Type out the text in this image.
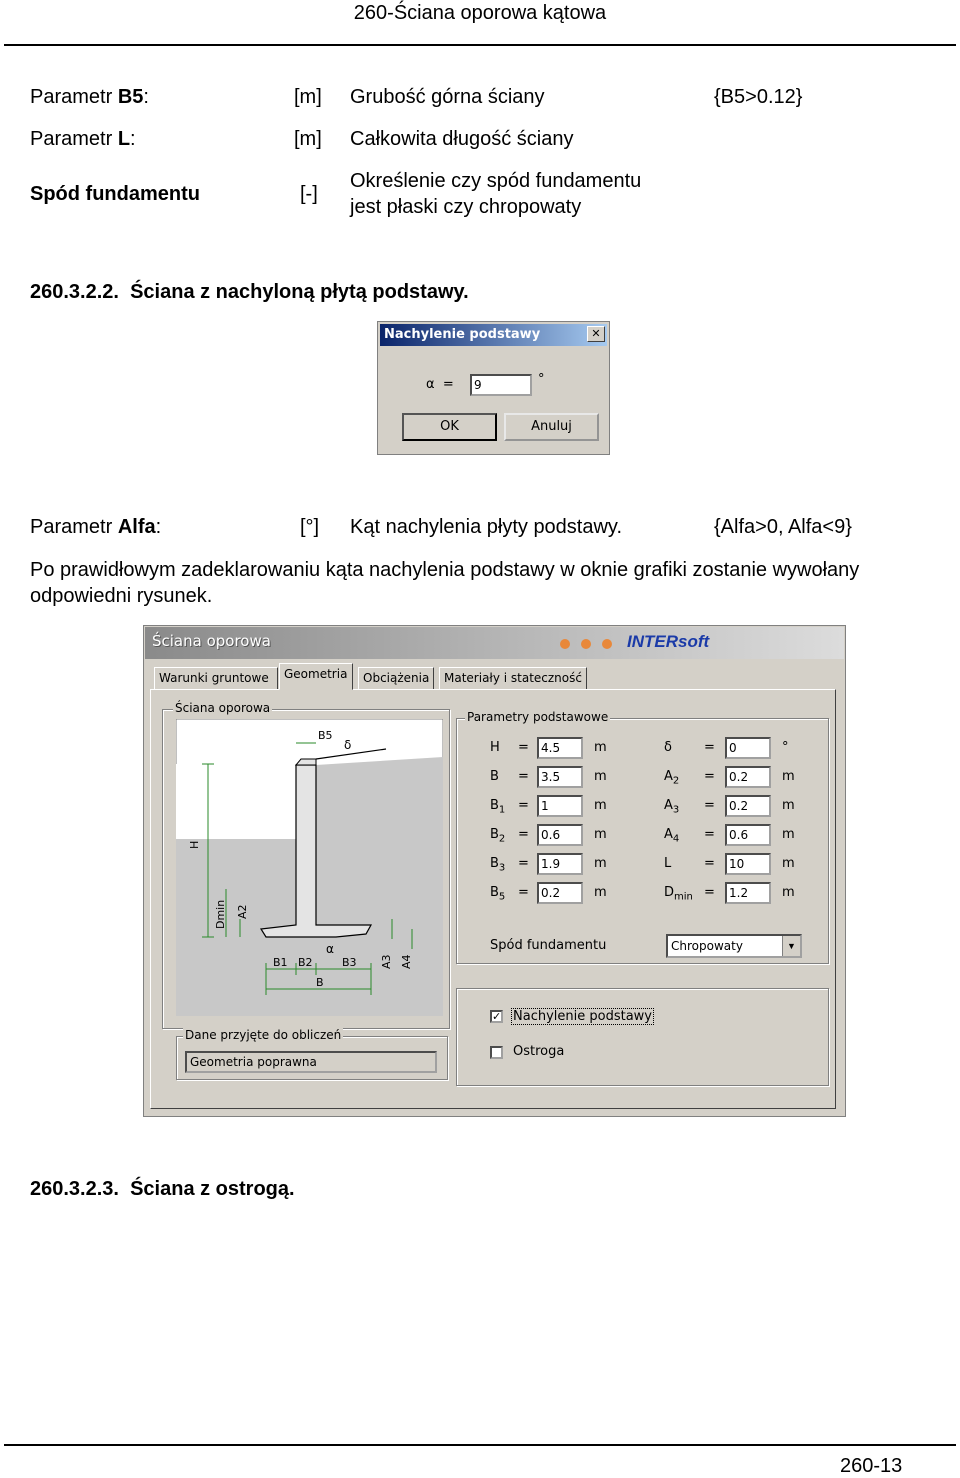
260-Ściana oporowa kątowa
Parametr B5:	[m] Grubość górna ściany	{B5>0.12}
Parametr L:	[m] Całkowita długość ściany
Spód fundamentu	[-]
Określenie czy spód fundamentu
jest płaski czy chropowaty
260.3.2.2.  Ściana z nachyloną płytą podstawy.
Nachylenie podstawy	✕
α  =	9	°
OK	Anuluj
Parametr Alfa:	[°] Kąt nachylenia płyty podstawy.	{Alfa>0, Alfa<9}
Po prawidłowym zadeklarowaniu kąta nachylenia podstawy w oknie grafiki zostanie wywołany
odpowiedni rysunek.
Ściana oporowa	INTERsoft
Warunki gruntowe	Geometria	Obciążenia	Materiały i stateczność
Ściana oporowa
B5
δ
H
Dmin A2
A3 A4
α
B1 B2	B3
B
Dane przyjęte do obliczeń
Geometria poprawna
Parametry podstawowe
Spód fundamentu	Chropowaty	▼
✓ Nachylenie podstawy
Ostroga
H =	4.5	m
B =	3.5	m
$B_1$ =	1	m
$B_2$ =	0.6	m
$B_3$ =	1.9	m
$B_5$ =	0.2	m
δ =	0	°
$A_2$ =	0.2	m
$A_3$ =	0.2	m
$A_4$ =	0.6	m
L	=	10	m
$D_{min}$ =	1.2	m
260.3.2.3.  Ściana z ostrogą.
260-13
